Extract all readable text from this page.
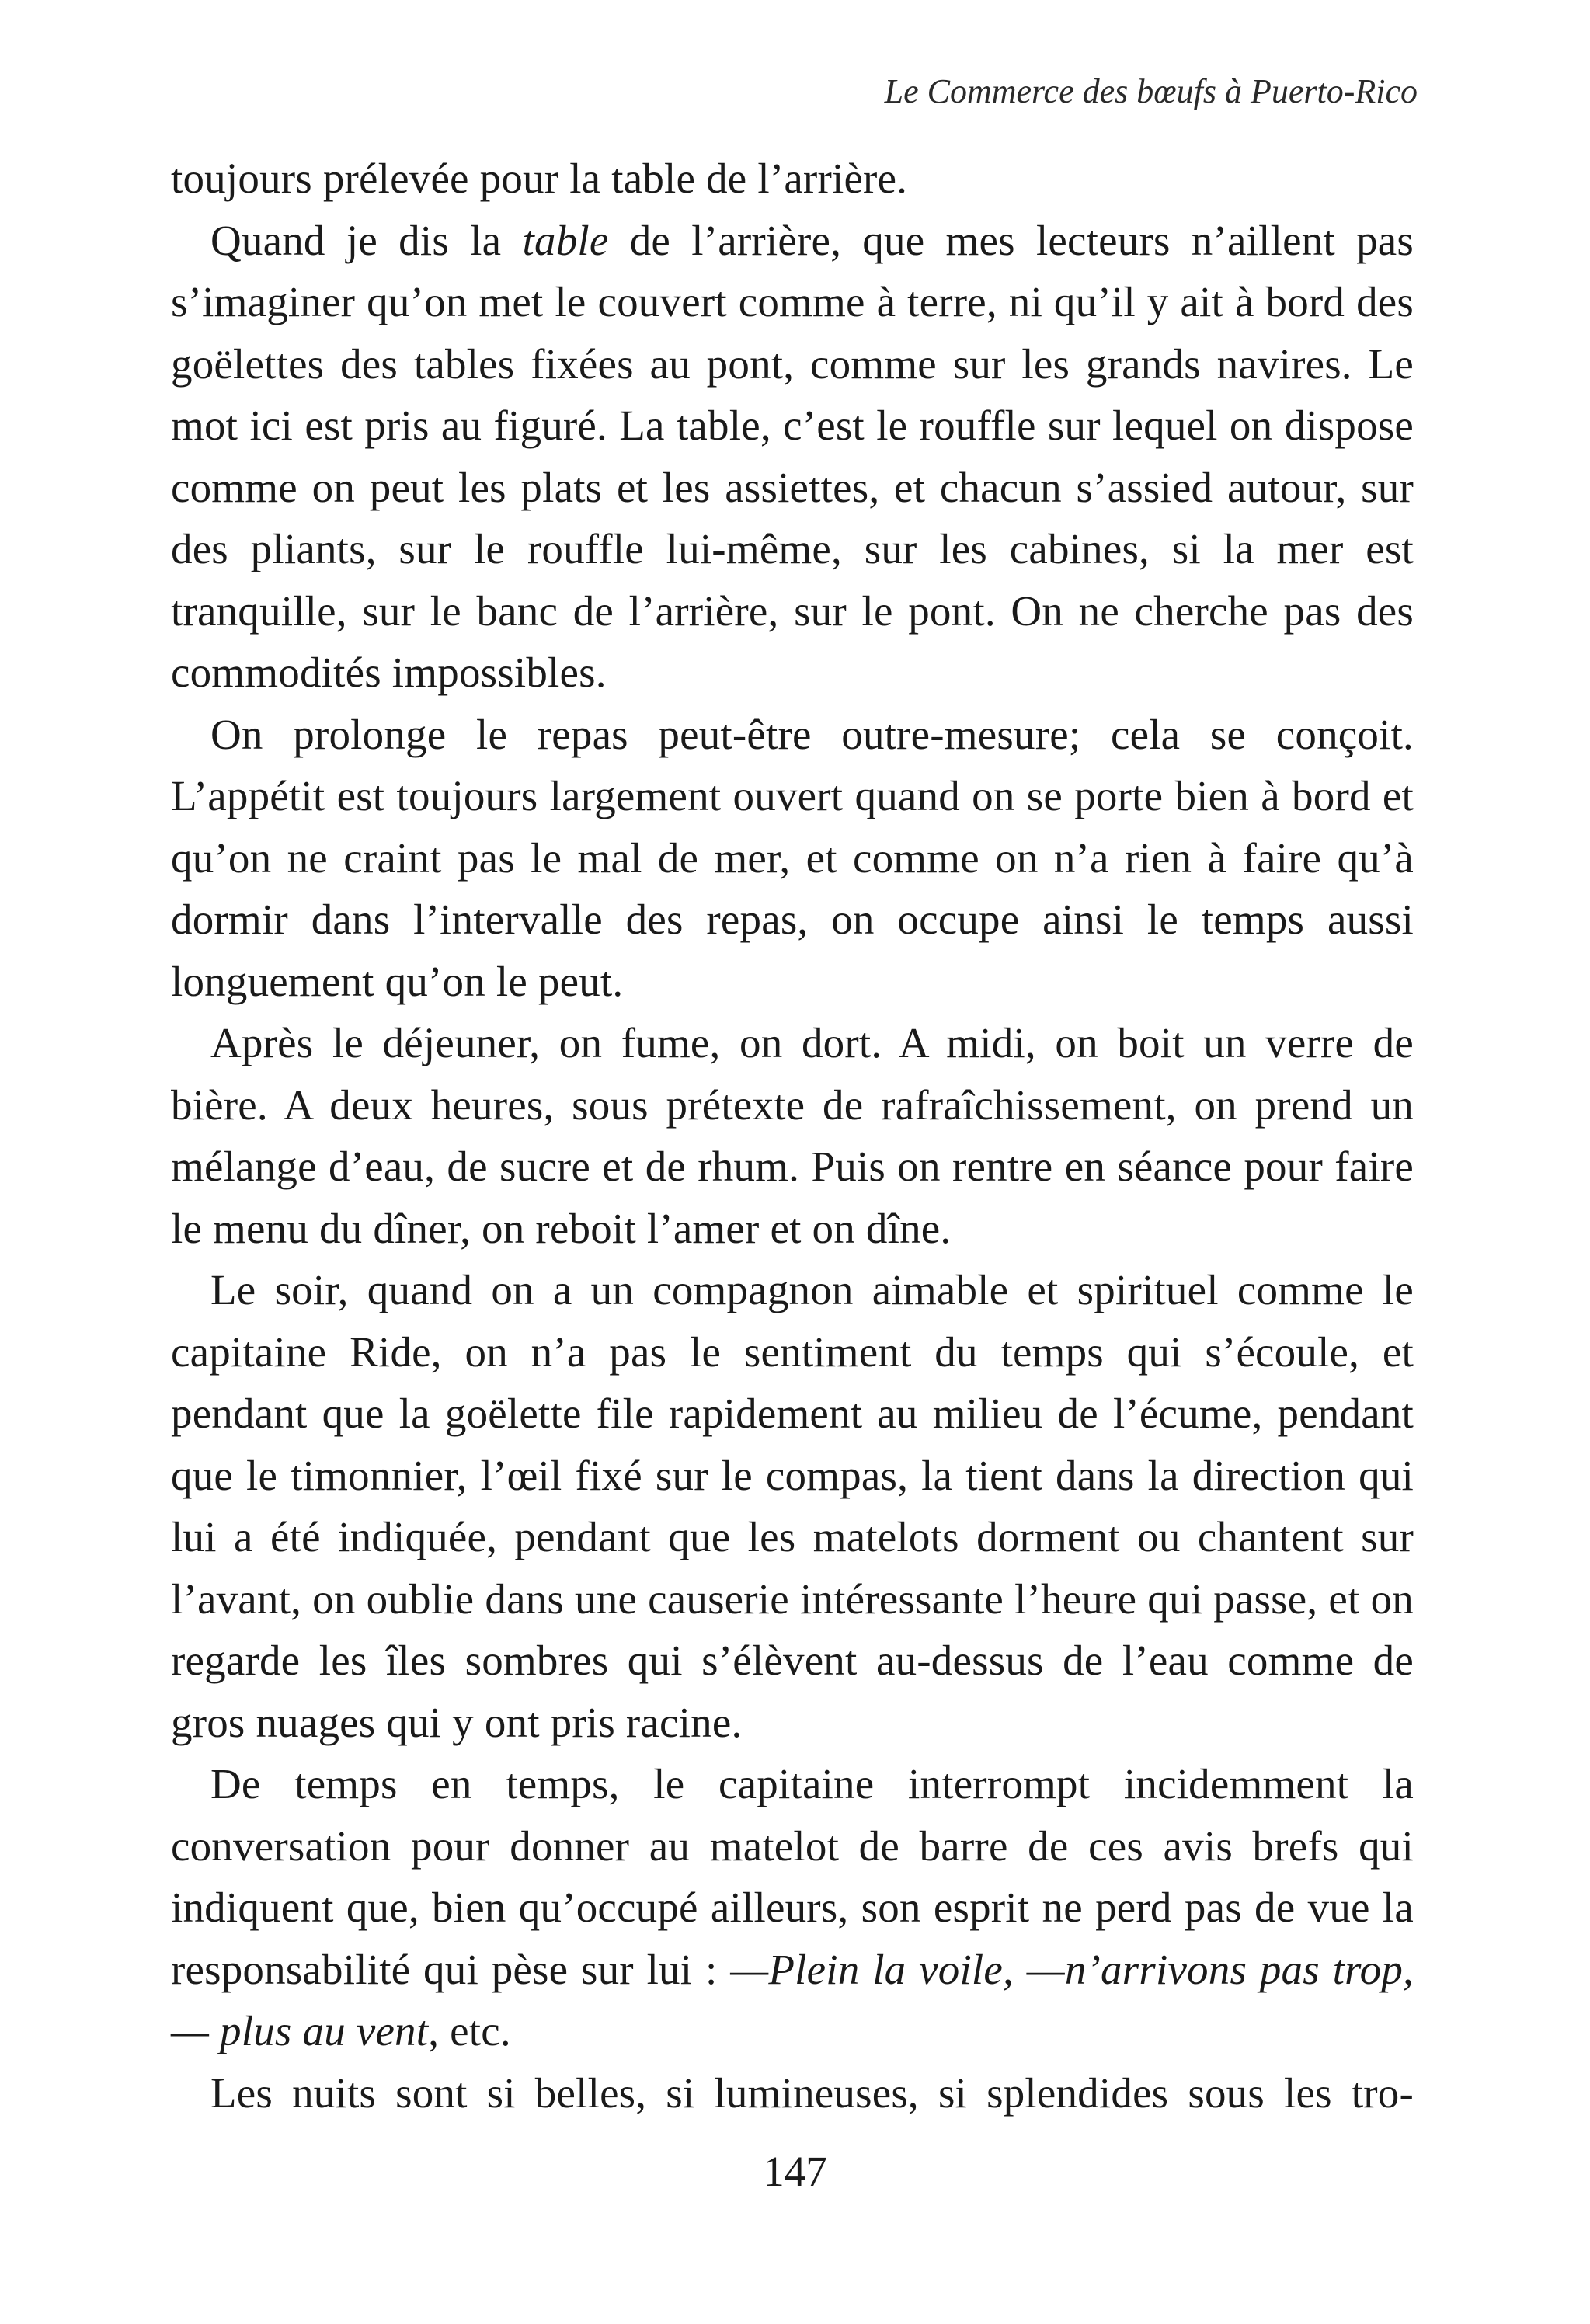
Le Commerce des bœufs à Puerto-Rico

toujours prélevée pour la table de l’arrière.

Quand je dis la table de l’arrière, que mes lecteurs n’aillent pas s’imaginer qu’on met le couvert comme à terre, ni qu’il y ait à bord des goëlettes des tables fixées au pont, comme sur les grands navires. Le mot ici est pris au figuré. La table, c’est le rouffle sur lequel on dispose comme on peut les plats et les assiettes, et chacun s’assied autour, sur des pliants, sur le rouffle lui-même, sur les cabines, si la mer est tranquille, sur le banc de l’arrière, sur le pont. On ne cherche pas des commodités impossibles.

On prolonge le repas peut-être outre-mesure; cela se conçoit. L’appétit est toujours largement ouvert quand on se porte bien à bord et qu’on ne craint pas le mal de mer, et comme on n’a rien à faire qu’à dormir dans l’intervalle des repas, on occupe ainsi le temps aussi longuement qu’on le peut.

Après le déjeuner, on fume, on dort. A midi, on boit un verre de bière. A deux heures, sous prétexte de rafraîchissement, on prend un mélange d’eau, de sucre et de rhum. Puis on rentre en séance pour faire le menu du dîner, on reboit l’amer et on dîne.

Le soir, quand on a un compagnon aimable et spirituel comme le capitaine Ride, on n’a pas le sentiment du temps qui s’écoule, et pendant que la goëlette file rapidement au milieu de l’écume, pendant que le timonnier, l’œil fixé sur le compas, la tient dans la direction qui lui a été indiquée, pendant que les matelots dorment ou chantent sur l’avant, on oublie dans une causerie intéressante l’heure qui passe, et on regarde les îles sombres qui s’élèvent au-dessus de l’eau comme de gros nuages qui y ont pris racine.

De temps en temps, le capitaine interrompt incidemment la conversation pour donner au matelot de barre de ces avis brefs qui indiquent que, bien qu’occupé ailleurs, son esprit ne perd pas de vue la responsabilité qui pèse sur lui : —Plein la voile, —n’arrivons pas trop, — plus au vent, etc.

Les nuits sont si belles, si lumineuses, si splendides sous les tro-

147
